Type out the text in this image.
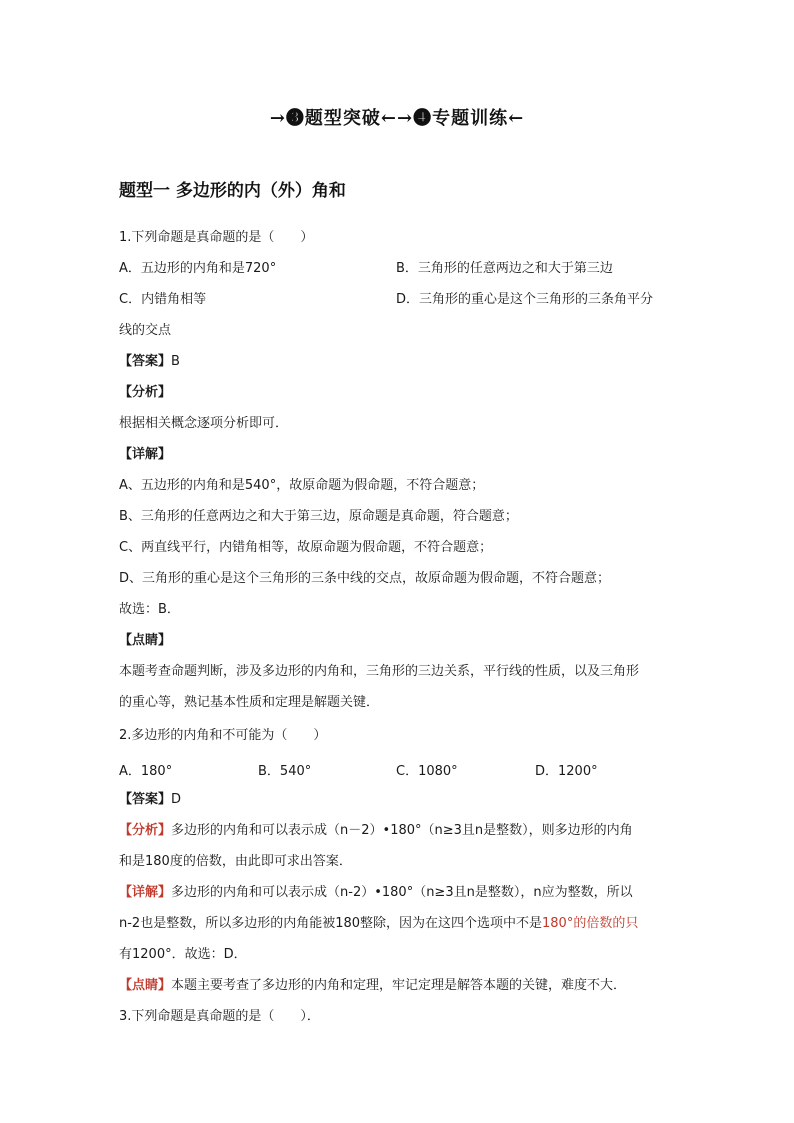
→❸题型突破←→❹专题训练←
题型一 多边形的内（外）角和
1.下列命题是真命题的是（　　）
A．五边形的内角和是720°	B．三角形的任意两边之和大于第三边
C．内错角相等	D．三角形的重心是这个三角形的三条角平分
线的交点
【答案】B
【分析】
根据相关概念逐项分析即可．
【详解】
A、五边形的内角和是540°，故原命题为假命题，不符合题意；
B、三角形的任意两边之和大于第三边，原命题是真命题，符合题意；
C、两直线平行，内错角相等，故原命题为假命题，不符合题意；
D、三角形的重心是这个三角形的三条中线的交点，故原命题为假命题，不符合题意；
故选：B．
【点睛】
本题考查命题判断，涉及多边形的内角和，三角形的三边关系，平行线的性质，以及三角形
的重心等，熟记基本性质和定理是解题关键．
2.多边形的内角和不可能为（　　）
A．180°	B．540°	C．1080°	D．1200°
【答案】D
【分析】多边形的内角和可以表示成（n－2）•180°（n≥3且n是整数），则多边形的内角
和是180度的倍数，由此即可求出答案．
【详解】多边形的内角和可以表示成（n-2）•180°（n≥3且n是整数），n应为整数，所以
n-2也是整数，所以多边形的内角能被180整除，因为在这四个选项中不是180°的倍数的只
有1200°．故选：D．
【点睛】本题主要考查了多边形的内角和定理，牢记定理是解答本题的关键，难度不大．
3.下列命题是真命题的是（　　）．
